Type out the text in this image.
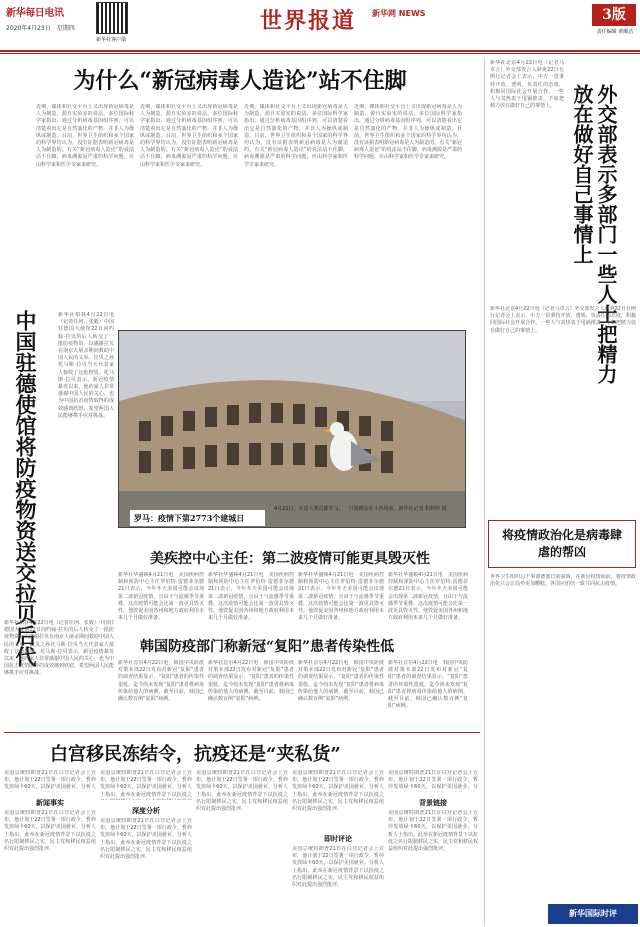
新华每日电讯
2020年4月23日　星期四
新华社客户端
世界报道 新华网 NEWS	3版
责任编辑 黄顺洁
为什么“新冠病毒人造论”站不住脚
近期，媒体和社交平台上又出现新冠病毒是人为制造、源自实验室的说法。多位国际科学家指出，通过分析病毒基因组序列，可以清楚看出它是自然演化的产物，并非人为操纵或制造。目前，世界卫生组织和多个国家的科学界均认为，没有证据表明新冠病毒是人为制造的。有关“新冠病毒人造论”的说法站不住脚，病毒溯源是严肃的科学问题，应由科学家和医学专家来研究。
近期，媒体和社交平台上又出现新冠病毒是人为制造、源自实验室的说法。多位国际科学家指出，通过分析病毒基因组序列，可以清楚看出它是自然演化的产物，并非人为操纵或制造。目前，世界卫生组织和多个国家的科学界均认为，没有证据表明新冠病毒是人为制造的。有关“新冠病毒人造论”的说法站不住脚，病毒溯源是严肃的科学问题，应由科学家和医学专家来研究。
近期，媒体和社交平台上又出现新冠病毒是人为制造、源自实验室的说法。多位国际科学家指出，通过分析病毒基因组序列，可以清楚看出它是自然演化的产物，并非人为操纵或制造。目前，世界卫生组织和多个国家的科学界均认为，没有证据表明新冠病毒是人为制造的。有关“新冠病毒人造论”的说法站不住脚，病毒溯源是严肃的科学问题，应由科学家和医学专家来研究。
近期，媒体和社交平台上又出现新冠病毒是人为制造、源自实验室的说法。多位国际科学家指出，通过分析病毒基因组序列，可以清楚看出它是自然演化的产物，并非人为操纵或制造。目前，世界卫生组织和多个国家的科学界均认为，没有证据表明新冠病毒是人为制造的。有关“新冠病毒人造论”的说法站不住脚，病毒溯源是严肃的科学问题，应由科学家和医学专家来研究。
中国驻德使馆将防疫物资送交拉贝后代	新华社柏林4月22日电（记者任珂、张毅）中国驻德国大使馆22日向约翰·拉贝的后人转交了一批防疫物资，以感谢拉贝在南京大屠杀期间救助中国人民的义举。拉贝之孙托马斯·拉贝当天代表家人接收了这批物资。托马斯·拉贝表示，新冠疫情暴发以来，他的家人非常感谢中国人民的关心，也为中国抗击疫情取得的成效感到欣慰，希望两国人民能够携手应对挑战。
新华社柏林4月22日电（记者任珂、张毅）中国驻德国大使馆22日向约翰·拉贝的后人转交了一批防疫物资，以感谢拉贝在南京大屠杀期间救助中国人民的义举。拉贝之孙托马斯·拉贝当天代表家人接收了这批物资。托马斯·拉贝表示，新冠疫情暴发以来，他的家人非常感谢中国人民的关心，也为中国抗击疫情取得的成效感到欣慰，希望两国人民能够携手应对挑战。
罗马：疫情下第2773个建城日
4月21日，在意大利首都罗马，一只海鸥站在斗兽场前。新华社记者 程婷婷 摄
美疾控中心主任：第二波疫情可能更具毁灭性
新华社华盛顿4月21日电　美国疾病控制和预防中心主任罗伯特·雷德菲尔德21日表示，今年冬天美国可能会出现第二波新冠疫情，且由于与流感季节重叠，这次疫情可能会比第一波更具毁灭性。他敦促美国各州和地方政府利用未来几个月做好准备。
新华社华盛顿4月21日电　美国疾病控制和预防中心主任罗伯特·雷德菲尔德21日表示，今年冬天美国可能会出现第二波新冠疫情，且由于与流感季节重叠，这次疫情可能会比第一波更具毁灭性。他敦促美国各州和地方政府利用未来几个月做好准备。
新华社华盛顿4月21日电　美国疾病控制和预防中心主任罗伯特·雷德菲尔德21日表示，今年冬天美国可能会出现第二波新冠疫情，且由于与流感季节重叠，这次疫情可能会比第一波更具毁灭性。他敦促美国各州和地方政府利用未来几个月做好准备。
新华社华盛顿4月21日电　美国疾病控制和预防中心主任罗伯特·雷德菲尔德21日表示，今年冬天美国可能会出现第二波新冠疫情，且由于与流感季节重叠，这次疫情可能会比第一波更具毁灭性。他敦促美国各州和地方政府利用未来几个月做好准备。
韩国防疫部门称新冠“复阳”患者传染性低
新华社首尔4月22日电　韩国中央防疫对策本部22日发布对新冠“复阳”患者的调查结果显示，“复阳”患者的传染性很低，迄今尚未发现“复阳”患者将病毒传染给他人的病例。截至目前，韩国已确认数百例“复阳”病例。
新华社首尔4月22日电　韩国中央防疫对策本部22日发布对新冠“复阳”患者的调查结果显示，“复阳”患者的传染性很低，迄今尚未发现“复阳”患者将病毒传染给他人的病例。截至目前，韩国已确认数百例“复阳”病例。
新华社首尔4月22日电　韩国中央防疫对策本部22日发布对新冠“复阳”患者的调查结果显示，“复阳”患者的传染性很低，迄今尚未发现“复阳”患者将病毒传染给他人的病例。截至目前，韩国已确认数百例“复阳”病例。
新华社首尔4月22日电　韩国中央防疫对策本部22日发布对新冠“复阳”患者的调查结果显示，“复阳”患者的传染性很低，迄今尚未发现“复阳”患者将病毒传染给他人的病例。截至目前，韩国已确认数百例“复阳”病例。
白宫移民冻结令，抗疫还是“夹私货”
美国总统特朗普21日在白宫记者会上宣布，他计划于22日签署一项行政令，暂停发放绿卡60天，以保护美国就业。分析人
新闻事实
美国总统特朗普21日在白宫记者会上宣布，他计划于22日签署一项行政令，暂停发放绿卡60天，以保护美国就业。分析人士指出，此举在新冠疫情背景下以抗疫之名行限制移民之实，民主党和移民权益组织对此提出强烈批评。
美国总统特朗普21日在白宫记者会上宣布，他计划于22日签署一项行政令，暂停发放绿卡60天，以保护美国就业。分析人士指出，此举在新冠疫情背景下以抗疫之
深度分析
美国总统特朗普21日在白宫记者会上宣布，他计划于22日签署一项行政令，暂停发放绿卡60天，以保护美国就业。分析人士指出，此举在新冠疫情背景下以抗疫之名行限制移民之实，民主党和移民权益组织对此提出强烈批评。
美国总统特朗普21日在白宫记者会上宣布，他计划于22日签署一项行政令，暂停发放绿卡60天，以保护美国就业。分析人士指出，此举在新冠疫情背景下以抗疫之名行限制移民之实，民主党和移民权益组织对此提出强烈批评。
美国总统特朗普21日在白宫记者会上宣布，他计划于22日签署一项行政令，暂停发放绿卡60天，以保护美国就业。分析人士指出，此举在新冠疫情背景下以抗疫之名行限制移民之实，民主党和移民权益组织对此提出强烈批评。
即时评论
美国总统特朗普21日在白宫记者会上宣布，他计划于22日签署一项行政令，暂停发放绿卡60天，以保护美国就业。分析人士指出，此举在新冠疫情背景下以抗疫之名行限制移民之实，民主党和移民权益组织对此提出强烈批评。
美国总统特朗普21日在白宫记者会上宣布，他计划于22日签署一项行政令，暂停发放绿卡60天，以保护美国就业。分
背景链接
美国总统特朗普21日在白宫记者会上宣布，他计划于22日签署一项行政令，暂停发放绿卡60天，以保护美国就业。分析人士指出，此举在新冠疫情背景下以抗疫之名行限制移民之实，民主党和移民权益组织对此提出强烈批评。
新华社北京4月22日电（记者马卓言）外交部发言人耿爽22日在例行记者会上表示，中方一贯秉持开放、透明、负责任的态度，积极同国际社会开展合作。一些人与其热衷于甩锅推责，不如把精力放在做好自己的事情上。	外交部表示多部门一些人士把精力放在做好自己事情上
新华社北京4月22日电（记者马卓言）外交部发言人耿爽22日在例行记者会上表示，中方一贯秉持开放、透明、负责任的态度，积极同国际社会开展合作。一些人与其热衷于甩锅推责，不如把精力放在做好自己的事情上。
将疫情政治化是病毒肆虐的帮凶
世界卫生组织总干事谭德塞日前强调，在新冠疫情面前，将疫情政治化只会让局势更加糟糕，各国应团结一致共同抗击疫情。
新华国际时评
